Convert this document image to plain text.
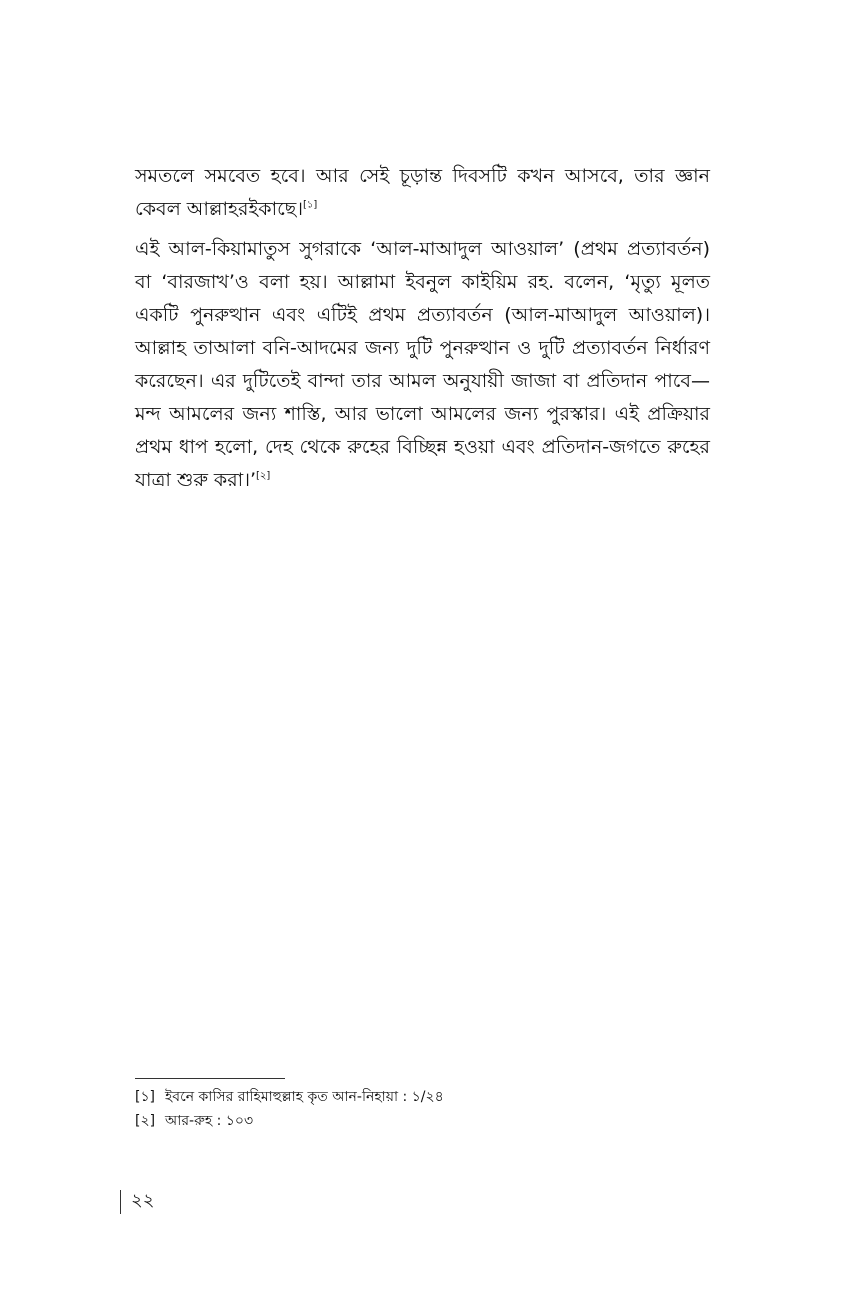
সমতলে সমবেত হবে। আর সেই চূড়ান্ত দিবসটি কখন আসবে, তার জ্ঞান কেবল আল্লাহরইকাছে।[১]

এই আল-কিয়ামাতুস সুগরাকে ‘আল-মাআদুল আওয়াল’ (প্রথম প্রত্যাবর্তন) বা ‘বারজাখ’ও বলা হয়। আল্লামা ইবনুল কাইয়িম রহ. বলেন, ‘মৃত্যু মূলত একটি পুনরুত্থান এবং এটিই প্রথম প্রত্যাবর্তন (আল-মাআদুল আওয়াল)। আল্লাহ তাআলা বনি-আদমের জন্য দুটি পুনরুত্থান ও দুটি প্রত্যাবর্তন নির্ধারণ করেছেন। এর দুটিতেই বান্দা তার আমল অনুযায়ী জাজা বা প্রতিদান পাবে—মন্দ আমলের জন্য শাস্তি, আর ভালো আমলের জন্য পুরস্কার। এই প্রক্রিয়ার প্রথম ধাপ হলো, দেহ থেকে রুহের বিচ্ছিন্ন হওয়া এবং প্রতিদান-জগতে রুহের যাত্রা শুরু করা।’[২]

[১] ইবনে কাসির রাহিমাহুল্লাহ কৃত আন-নিহায়া : ১/২৪
[২] আর-রুহ : ১০৩
২২
